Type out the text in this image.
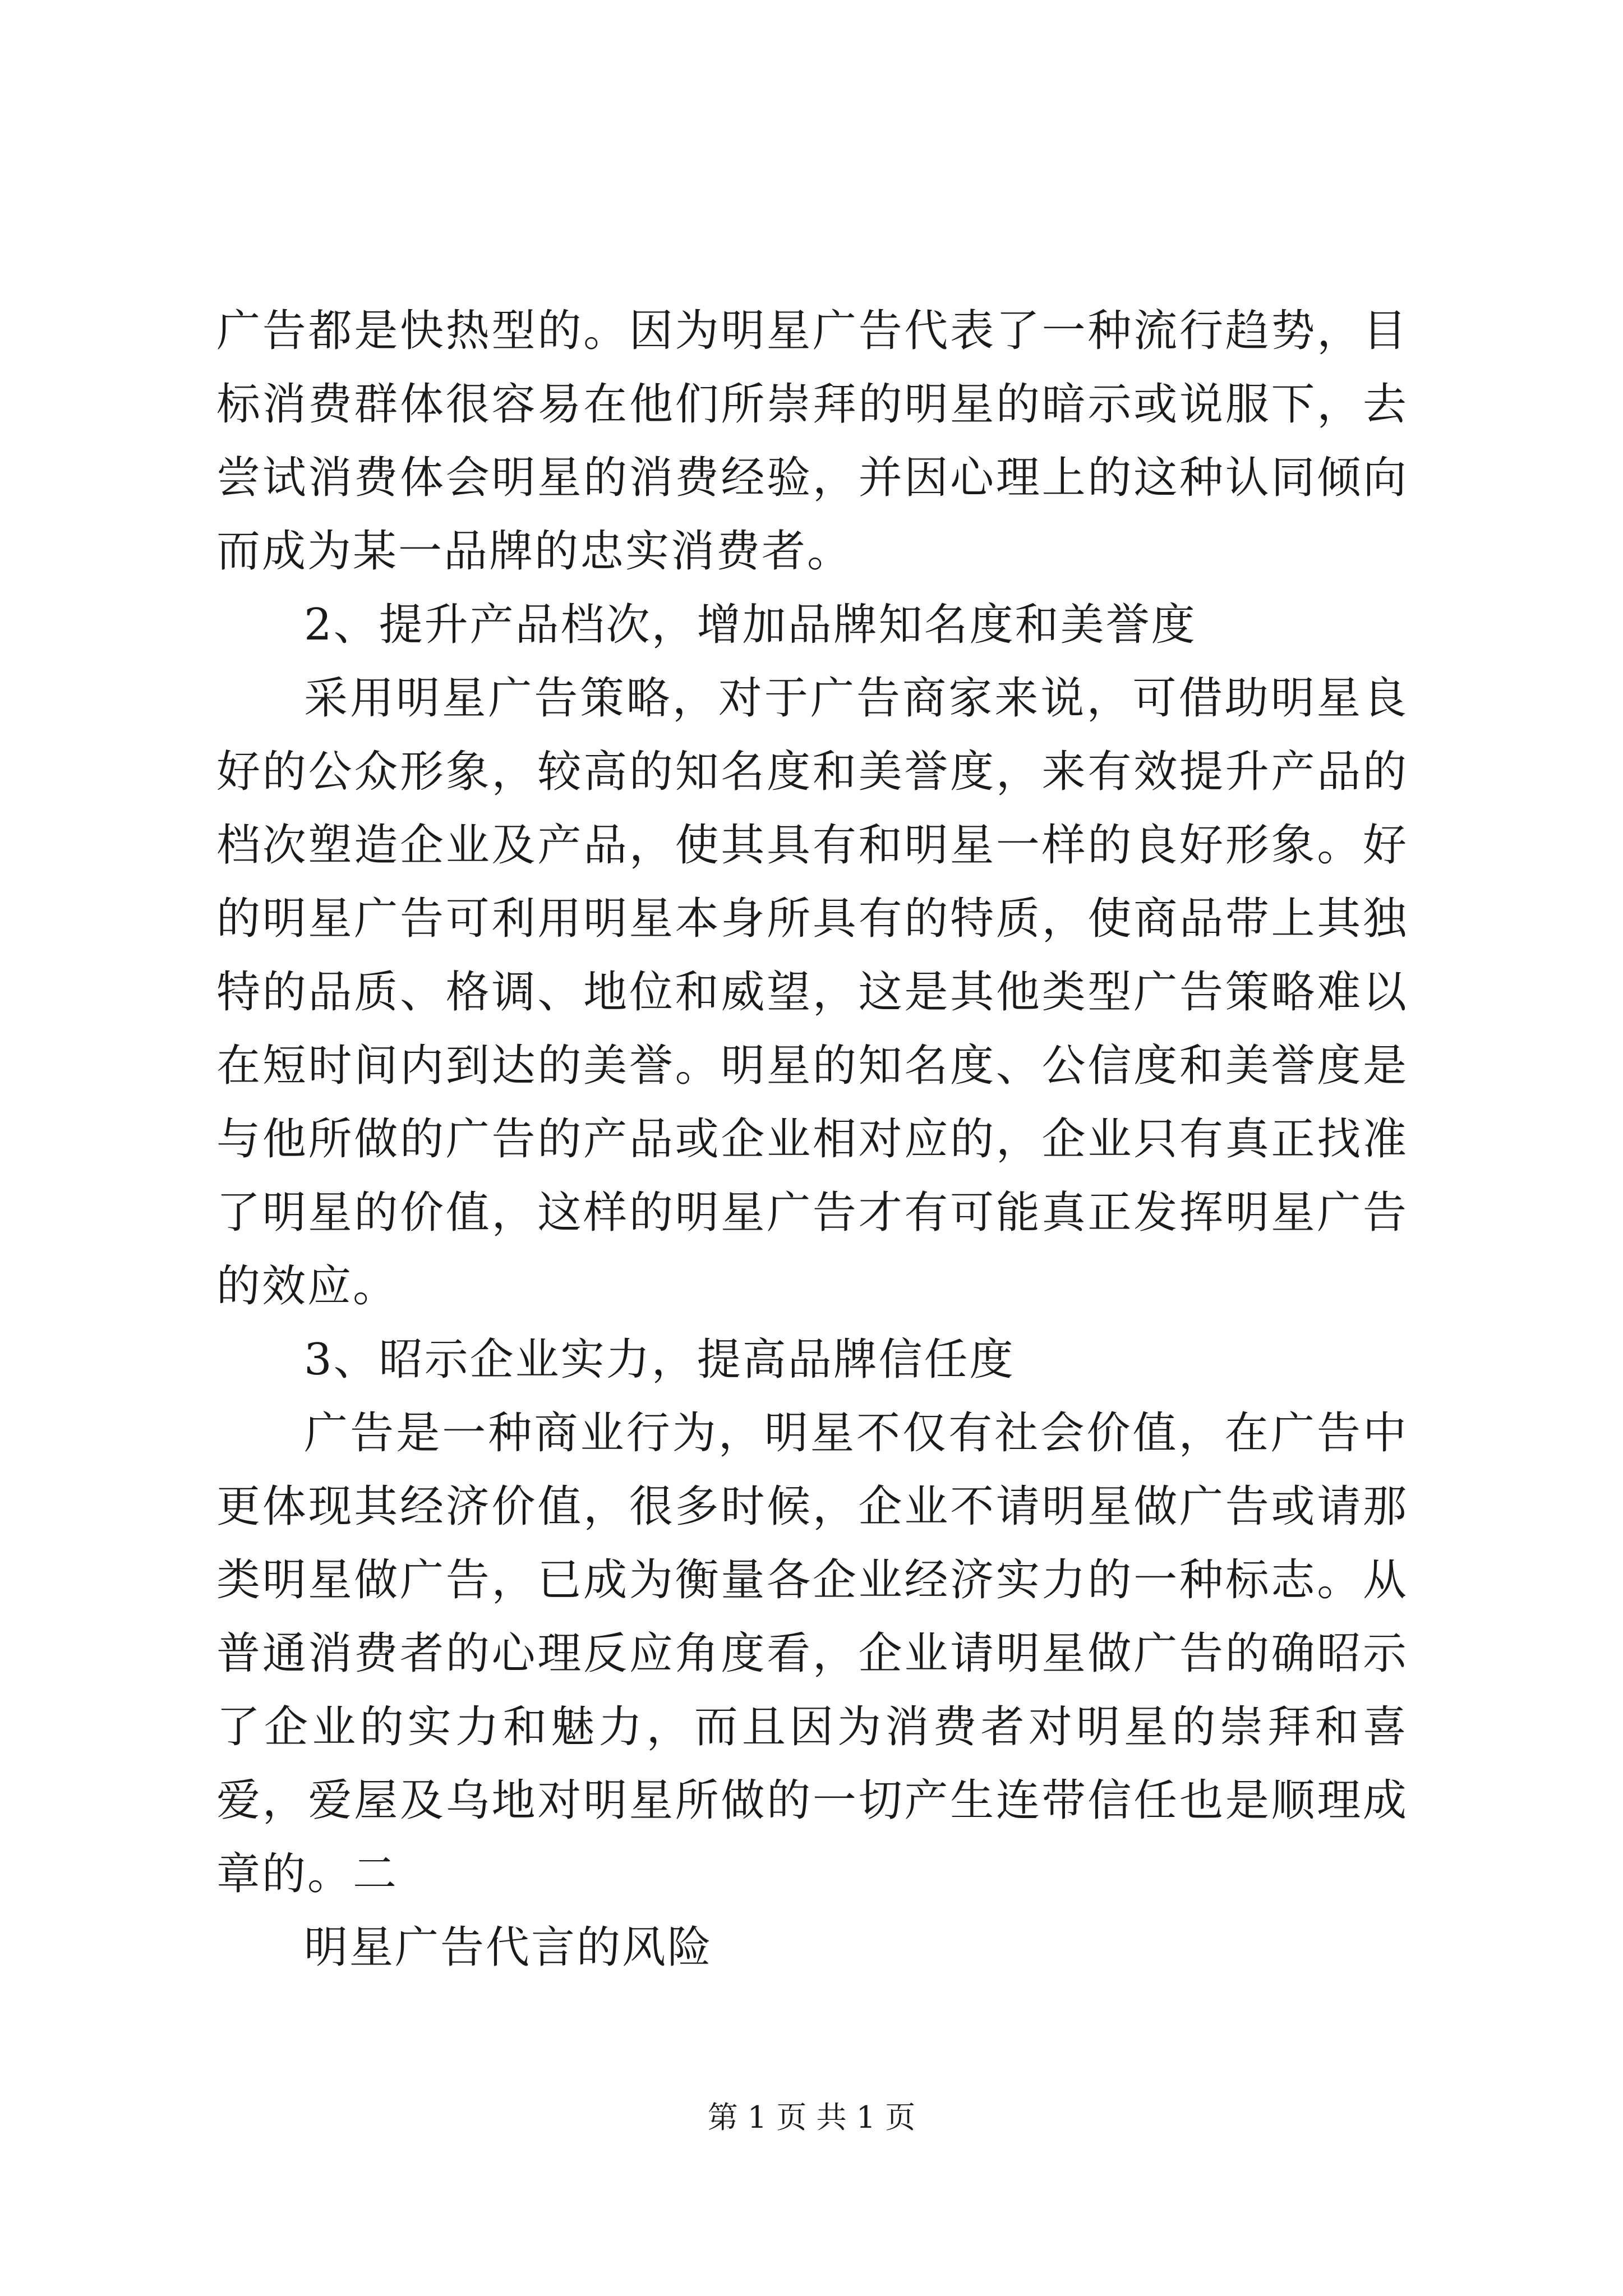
广告都是快热型的。因为明星广告代表了一种流行趋势，目标消费群体很容易在他们所崇拜的明星的暗示或说服下，去尝试消费体会明星的消费经验，并因心理上的这种认同倾向而成为某一品牌的忠实消费者。

2、提升产品档次，增加品牌知名度和美誉度

采用明星广告策略，对于广告商家来说，可借助明星良好的公众形象，较高的知名度和美誉度，来有效提升产品的档次塑造企业及产品，使其具有和明星一样的良好形象。好的明星广告可利用明星本身所具有的特质，使商品带上其独特的品质、格调、地位和威望，这是其他类型广告策略难以在短时间内到达的美誉。明星的知名度、公信度和美誉度是与他所做的广告的产品或企业相对应的，企业只有真正找准了明星的价值，这样的明星广告才有可能真正发挥明星广告的效应。

3、昭示企业实力，提高品牌信任度

广告是一种商业行为，明星不仅有社会价值，在广告中更体现其经济价值，很多时候，企业不请明星做广告或请那类明星做广告，已成为衡量各企业经济实力的一种标志。从普通消费者的心理反应角度看，企业请明星做广告的确昭示了企业的实力和魅力，而且因为消费者对明星的崇拜和喜爱，爱屋及乌地对明星所做的一切产生连带信任也是顺理成章的。二

明星广告代言的风险

第 1 页 共 1 页
